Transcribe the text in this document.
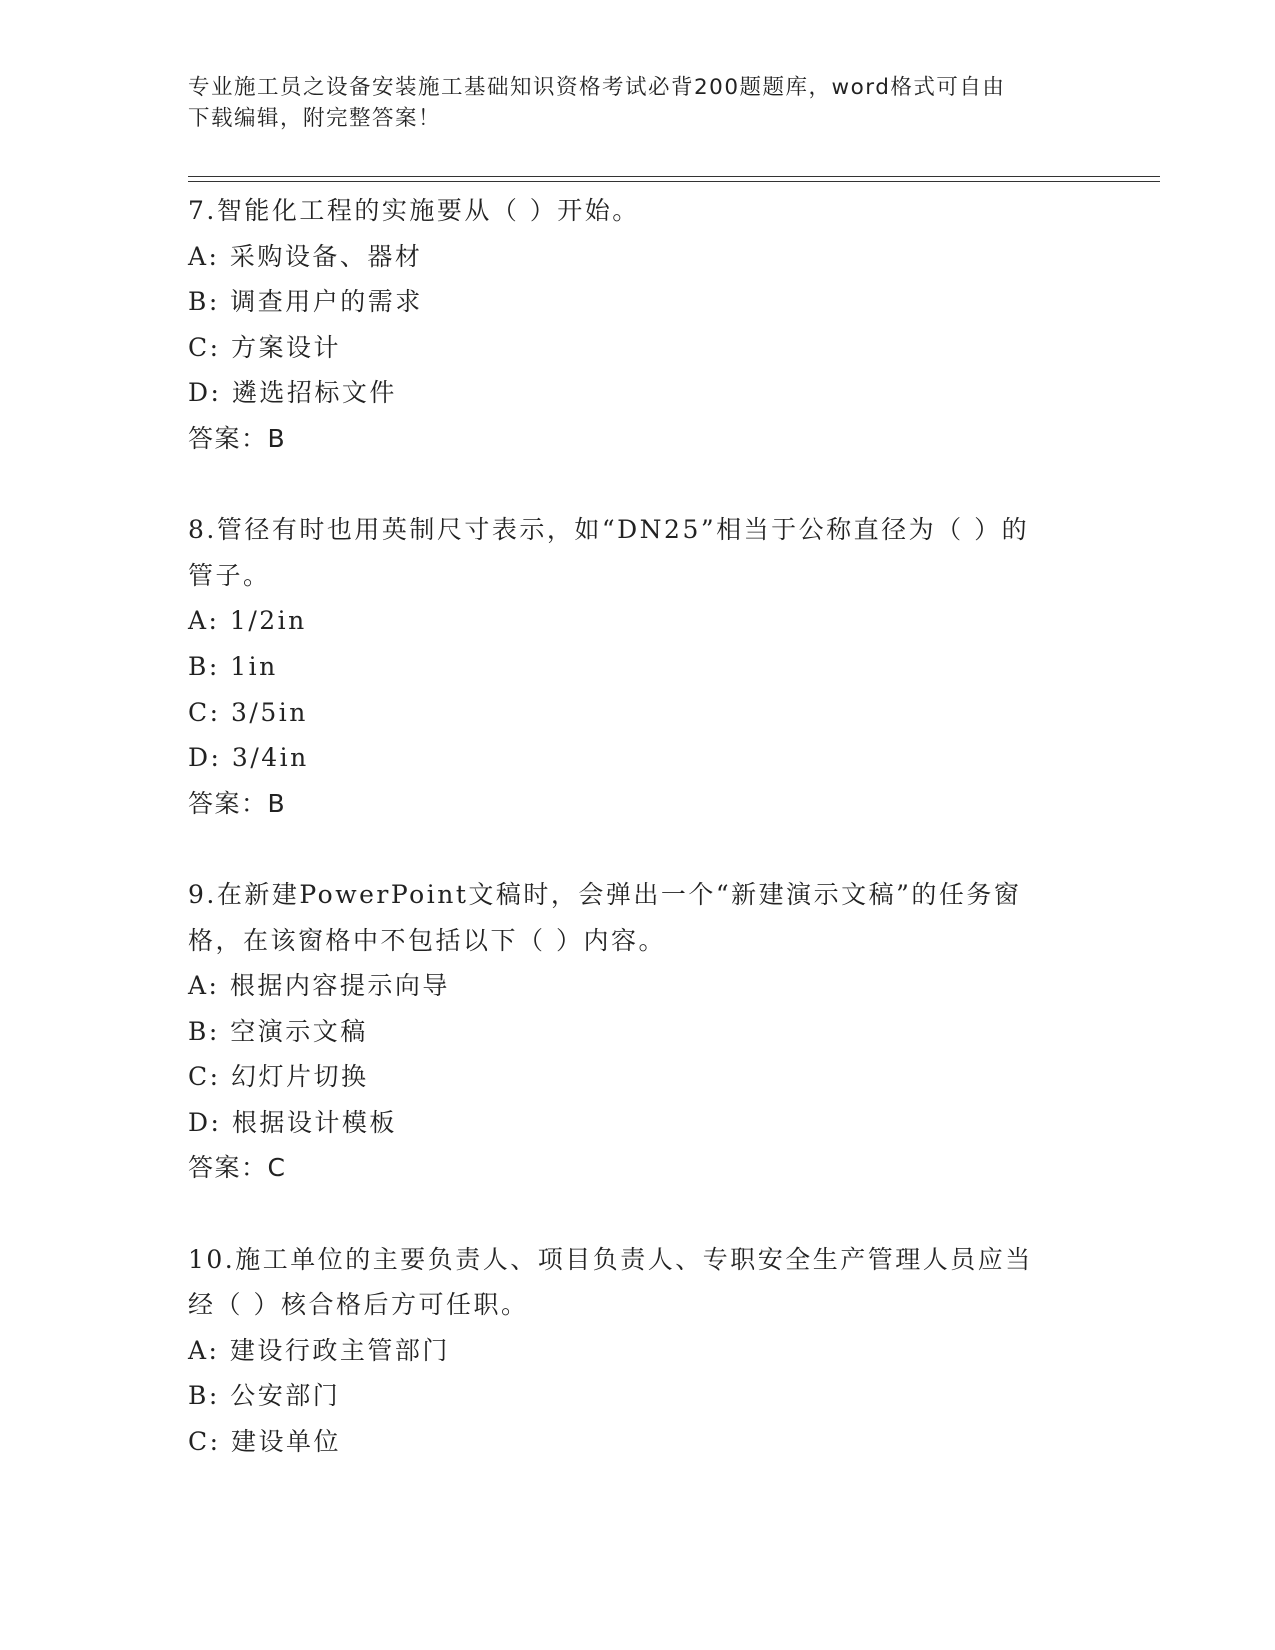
专业施工员之设备安装施工基础知识资格考试必背200题题库，word格式可自由
下载编辑，附完整答案！
7.智能化工程的实施要从（ ）开始。
A: 采购设备、器材
B: 调查用户的需求
C: 方案设计
D: 遴选招标文件
答案：B
8.管径有时也用英制尺寸表示，如“DN25”相当于公称直径为（ ）的
管子。
A: 1/2in
B: 1in
C: 3/5in
D: 3/4in
答案：B
9.在新建PowerPoint文稿时，会弹出一个“新建演示文稿”的任务窗
格，在该窗格中不包括以下（ ）内容。
A: 根据内容提示向导
B: 空演示文稿
C: 幻灯片切换
D: 根据设计模板
答案：C
10.施工单位的主要负责人、项目负责人、专职安全生产管理人员应当
经（ ）核合格后方可任职。
A: 建设行政主管部门
B: 公安部门
C: 建设单位
